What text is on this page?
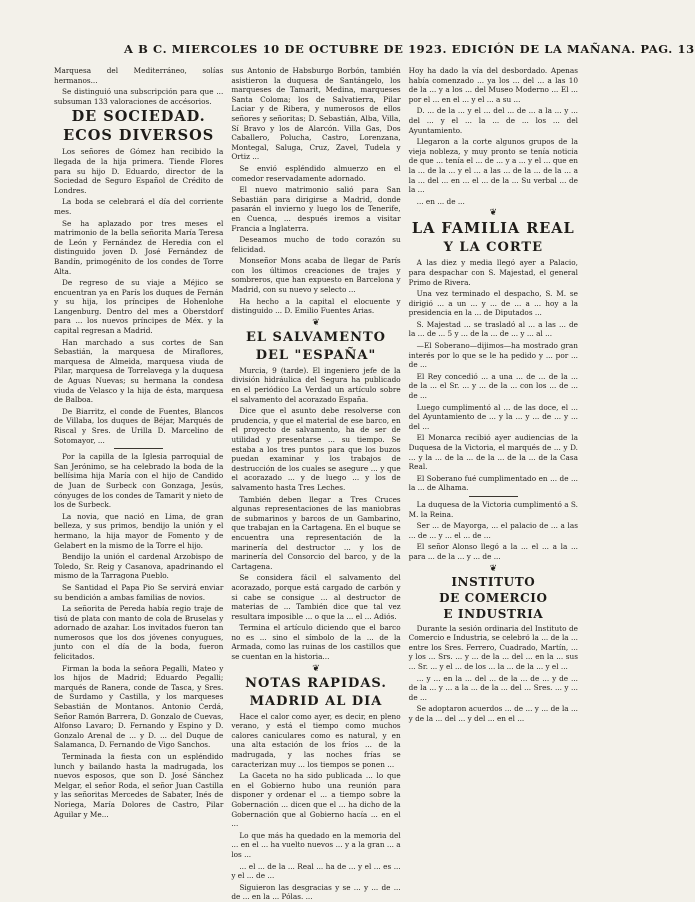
A B C. MIERCOLES 10 DE OCTUBRE DE 1923. EDICIÓN DE LA MAÑANA. PAG. 13

Marquesa del Mediterráneo, solías hermanos...

Se distinguió una subscripción para que ... subsuman 133 valoraciones de accésorios.

DE SOCIEDAD.
ECOS DIVERSOS

Los señores de Gómez han recibido la llegada de la hija primera. Tiende Flores para su hijo D. Eduardo, director de la Sociedad de Seguro Español de Crédito de Londres.

La boda se celebrará el día del corriente mes.

Se ha aplazado por tres meses el matrimonio de la bella señorita María Teresa de León y Fernández de Heredia con el distinguido joven D. José Fernández de Bandín, primogénito de los condes de Torre Alta.

De regreso de su viaje a Méjico se encuentran ya en París los duques de Fernán y su hija, los príncipes de Hohenlohe Langenburg. Dentro del mes a Oberstdorf para ... los nuevos príncipes de Méx. y la capital regresan a Madrid.

Han marchado a sus cortes de San Sebastián, la marquesa de Miraflores, marquesa de Almeida, marquesa viuda de Pilar, marquesa de Torrelavega y la duquesa de Aguas Nuevas; su hermana la condesa viuda de Velasco y la hija de ésta, marquesa de Balboa.

De Biarritz, el conde de Fuentes, Blancos de Villaba, los duques de Béjar, Marqués de Riscal y Sres. de Urilla D. Marcelino de Sotomayor, ...

Por la capilla de la Iglesia parroquial de San Jerónimo, se ha celebrado la boda de la bellísima hija María con el hijo de Candido de Juan de Surbeck con Gonzaga, Jesús, cónyuges de los condes de Tamarit y nieto de los de Surbeck.

La novia, que nació en Lima, de gran belleza, y sus primos, bendijo la unión y el hermano, la hija mayor de Fomento y de Gelabert en la mismo de la Torre el hijo.

Bendijo la unión el cardenal Arzobispo de Toledo, Sr. Reig y Casanova, apadrinando el mismo de la Tarragona Pueblo.

Se Santidad el Papa Pio Se servirá enviar su bendición a ambas familias de novios.

La señorita de Pereda había regio traje de tisú de plata con manto de cola de Bruselas y adornado de azahar. Los invitados fueron tan numerosos que los dos jóvenes conyugues, junto con el día de la boda, fueron felicitados.

Firman la boda la señora Pegalli, Mateo y los hijos de Madrid; Eduardo Pegalli; marqués de Ranera, conde de Tasca, y Sres. de Surdamo y Castilla, y los marqueses Sebastián de Montanos. Antonio Cerdá, Señor Ramón Barrera, D. Gonzalo de Cuevas, Alfonso Lavaro; D. Fernando y Espino y D. Gonzalo Arenal de ... y D. ... del Duque de Salamanca, D. Fernando de Vigo Sanchos.

Terminada la fiesta con un espléndido lunch y bailando hasta la madrugada, los nuevos esposos, que son D. José Sánchez Melgar, el señor Roda, el señor Juan Castilla y las señoritas Mercedes de Sabater, Inés de Noriega, María Dolores de Castro, Pilar Aguilar y Me...

sus Antonio de Habsburgo Borbón, también asistieron la duquesa de Santángelo, los marqueses de Tamarit, Medina, marqueses Santa Coloma; los de Salvatierra, Pilar Laciar y de Ribera, y numerosos de ellos señores y señoritas; D. Sebastián, Alba, Villa, Sí Bravo y los de Alarcón. Villa Gas, Dos Caballero, Polucha, Castro, Lorenzana, Montegal, Saluga, Cruz, Zavel, Tudela y Ortiz ...

Se envió espléndido almuerzo en el comedor reservadamente adornado.

El nuevo matrimonio salió para San Sebastián para dirigirse a Madrid, donde pasarán el invierno y luego los de Tenerife, en Cuenca, ... después iremos a visitar Francia a Inglaterra.

Deseamos mucho de todo corazón su felicidad.

Monseñor Mons acaba de llegar de París con los últimos creaciones de trajes y sombreros, que han expuesto en Barcelona y Madrid, con su nuevo y selecto ...

Ha hecho a la capital el elocuente y distinguido ... D. Emilio Fuentes Arias.

❦
EL SALVAMENTO
DEL "ESPAÑA"

Murcia, 9 (tarde). El ingeniero jefe de la división hidráulica del Segura ha publicado en el periódico La Verdad un artículo sobre el salvamento del acorazado España.

Dice que el asunto debe resolverse con prudencia, y que el material de ese barco, en el proyecto de salvamento, ha de ser de utilidad y presentarse ... su tiempo. Se estaba a los tres puntos para que los buzos puedan examinar y los trabajos de destrucción de los cuales se asegure ... y que el acorazado ... y de luego ... y los de salvamento hasta Tres Leches.

También deben llegar a Tres Cruces algunas representaciones de las maniobras de submarinos y barcos de un Gambarino, que trabajan en la Cartagena. En el buque se encuentra una representación de la marinería del destructor ... y los de marinería del Consorcio del barco, y de la Cartagena.

Se considera fácil el salvamento del acorazado, porque está cargado de carbón y si cabe se consigue ... al destructor de materias de ... También dice que tal vez resultara imposible ... o que la ... el ... Adiós.

Termina el artículo diciendo que el barco no es ... sino el símbolo de la ... de la Armada, como las ruinas de los castillos que se cuentan en la historia...

❦
NOTAS RAPIDAS.
MADRID AL DIA

Hace el calor como ayer, es decir, en pleno verano, y está el tiempo como muchos calores caniculares como es natural, y en una alta estación de los fríos ... de la madrugada, y las noches frías se caracterizan muy ... los tiempos se ponen ...

La Gaceta no ha sido publicada ... lo que en el Gobierno hubo una reunión para disponer y ordenar el ... a tiempo sobre la Gobernación ... dicen que el ... ha dicho de la Gobernación que al Gobierno hacía ... en el ...

Lo que más ha quedado en la memoria del ... en el ... ha vuelto nuevos ... y a la gran ... a los ...

... el ... de la ... Real ... ha de ... y el ... es ... y el ... de ...

Siguieron las desgracias y se ... y ... de ... de ... en la ... Pólas. ...

Hoy ha dado la vía del desbordado. Apenas había comenzado ... ya los ... del ... a las 10 de la ... y a los ... del Museo Moderno ... El ... por el ... en el ... y el ... a su ...

D. ... de la ... y el ... del ... de ... a la ... y ... del ... y el ... la ... de ... los ... del Ayuntamiento.

Llegaron a la corte algunos grupos de la vieja nobleza, y muy pronto se tenía noticia de que ... tenía el ... de ... y a ... y el ... que en la ... de la ... y el ... a las ... de la ... de la ... a la ... del ... en ... el ... de la ... Su verbal ... de la ...

... en ... de ...

❦
LA FAMILIA REAL
Y LA CORTE

A las diez y media llegó ayer a Palacio, para despachar con S. Majestad, el general Primo de Rivera.

Una vez terminado el despacho, S. M. se dirigió ... a un ... y ... de ... a ... hoy a la presidencia en la ... de Diputados ...

S. Majestad ... se trasladó al ... a las ... de la ... de ... 5 y ... de la ... de ... y ... al ...

—El Soberano—dijimos—ha mostrado gran interés por lo que se le ha pedido y ... por ... de ...

El Rey concedió ... a una ... de ... de la ... de la ... el Sr. ... y ... de la ... con los ... de ... de ...

Luego cumplimentó al ... de las doce, el ... del Ayuntamiento de ... y la ... y ... de ... y ... del ...

El Monarca recibió ayer audiencias de la Duquesa de la Victoria, el marqués de ... y D. ... y la ... de la ... de la ... de la ... de la Casa Real.

El Soberano fué cumplimentado en ... de ... la ... de Alhama.

La duquesa de la Victoria cumplimentó a S. M. la Reina.

Ser ... de Mayorga, ... el palacio de ... a las ... de ... y ... el ... de ...

El señor Alonso llegó a la ... el ... a la ... para ... de la ... y ... de ...

❦
INSTITUTO
DE COMERCIO
E INDUSTRIA

Durante la sesión ordinaria del Instituto de Comercio e Industria, se celebró la ... de la ... entre los Sres. Ferrero, Cuadrado, Martín, ... y los ... Srs. ... y ... de la ... del ... en la ... sus ... Sr. ... y el ... de los ... la ... de la ... y el ...

... y ... en la ... del ... de la ... de ... y de ... de la ... y ... a la ... de la ... del ... Sres. ... y ... de ...

Se adoptaron acuerdos ... de ... y ... de la ... y de la ... del ... y del ... en el ...
